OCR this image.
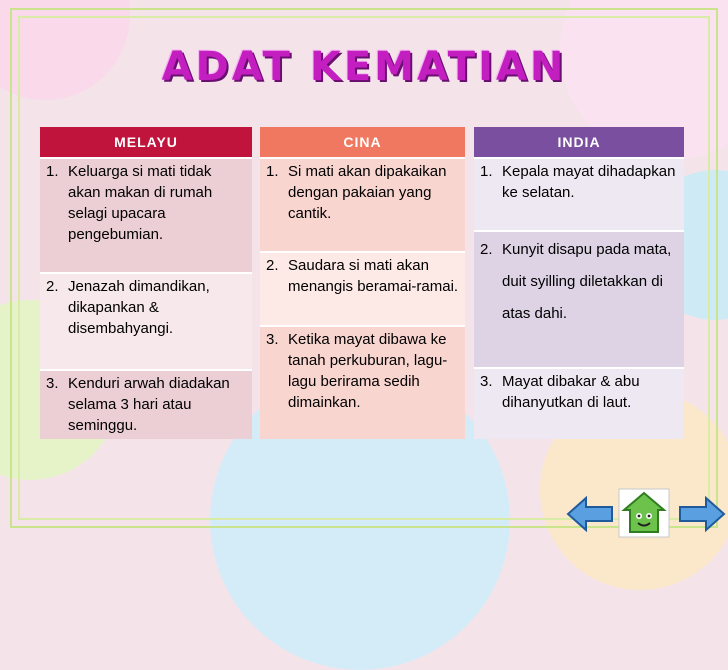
ADAT KEMATIAN
MELAYU
1. Keluarga si mati tidak akan makan di rumah selagi upacara pengebumian.
2. Jenazah dimandikan, dikapankan & disembahyangi.
3. Kenduri arwah diadakan selama 3 hari atau seminggu.
CINA
1. Si mati akan dipakaikan dengan pakaian yang cantik.
2. Saudara si mati akan menangis beramai-ramai.
3. Ketika mayat dibawa ke tanah perkuburan, lagu-lagu berirama sedih dimainkan.
INDIA
1. Kepala mayat dihadapkan ke selatan.
2. Kunyit disapu pada mata, duit syilling diletakkan di atas dahi.
3. Mayat dibakar & abu dihanyutkan di laut.
